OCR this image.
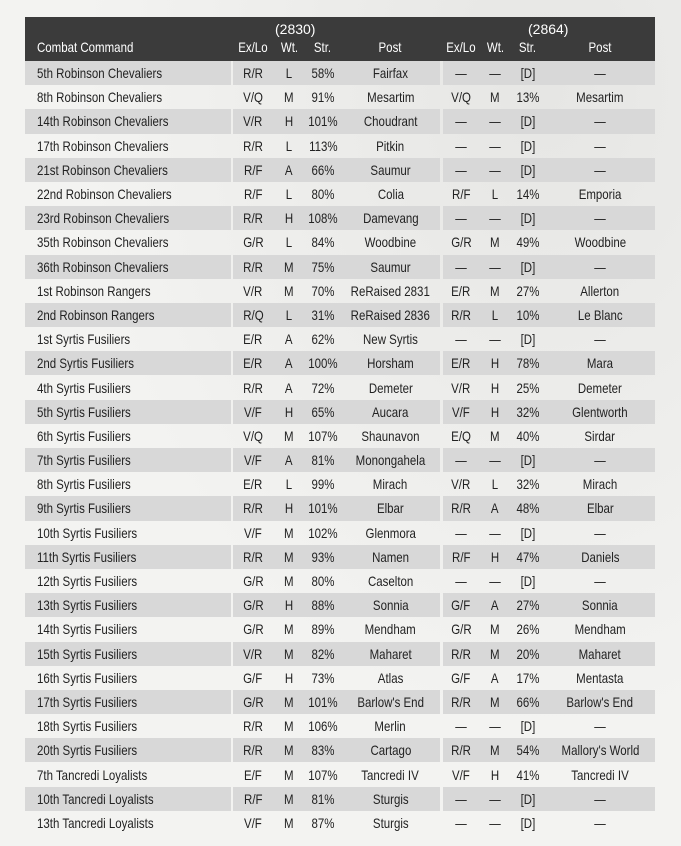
(2830)	(2864)
Combat Command	Ex/Lo Wt. Str.	Post	Ex/Lo Wt. Str.	Post
5th Robinson Chevaliers	R/R L 58%	Fairfax	— — [D]	—
8th Robinson Chevaliers	V/Q M 91% Mesartim	V/Q M 13%	Mesartim
14th Robinson Chevaliers	V/R H 101% Choudrant	— — [D]	—
17th Robinson Chevaliers	R/R L 113%	Pitkin	— — [D]	—
21st Robinson Chevaliers	R/F A 66%	Saumur	— — [D]	—
22nd Robinson Chevaliers	R/F L 80%	Colia	R/F L 14%	Emporia
23rd Robinson Chevaliers	R/R H 108% Damevang	— — [D]	—
35th Robinson Chevaliers	G/R L 84% Woodbine G/R M 49% Woodbine
36th Robinson Chevaliers	R/R M 75%	Saumur	— — [D]	—
1st Robinson Rangers	V/R M 70% ReRaised 2831 E/R M 27%	Allerton
2nd Robinson Rangers	R/Q L 31% ReRaised 2836 R/R L 10%	Le Blanc
1st Syrtis Fusiliers	E/R A 62% New Syrtis	— — [D]	—
2nd Syrtis Fusiliers	E/R A 100% Horsham	E/R H 78%	Mara
4th Syrtis Fusiliers	R/R A 72% Demeter	V/R H 25%	Demeter
5th Syrtis Fusiliers	V/F H 65%	Aucara	V/F H 32% Glentworth
6th Syrtis Fusiliers	V/Q M 107% Shaunavon E/Q M 40%	Sirdar
7th Syrtis Fusiliers	V/F A 81% Monongahela — — [D]	—
8th Syrtis Fusiliers	E/R L 99%	Mirach	V/R L 32%	Mirach
9th Syrtis Fusiliers	R/R H 101%	Elbar	R/R A 48%	Elbar
10th Syrtis Fusiliers	V/F M 102% Glenmora	— — [D]	—
11th Syrtis Fusiliers	R/R M 93%	Namen	R/F H 47%	Daniels
12th Syrtis Fusiliers	G/R M 80% Caselton	— — [D]	—
13th Syrtis Fusiliers	G/R H 88%	Sonnia	G/F A 27%	Sonnia
14th Syrtis Fusiliers	G/R M 89% Mendham G/R M 26% Mendham
15th Syrtis Fusiliers	V/R M 82% Maharet	R/R M 20%	Maharet
16th Syrtis Fusiliers	G/F H 73%	Atlas	G/F A 17%	Mentasta
17th Syrtis Fusiliers	G/R M 101% Barlow's End R/R M 66% Barlow's End
18th Syrtis Fusiliers	R/R M 106%	Merlin	— — [D]	—
20th Syrtis Fusiliers	R/R M 83%	Cartago	R/R M 54% Mallory's World
7th Tancredi Loyalists	E/F M 107% Tancredi IV V/F H 41% Tancredi IV
10th Tancredi Loyalists	R/F M 81%	Sturgis	— — [D]	—
13th Tancredi Loyalists	V/F M 87%	Sturgis	— — [D]	—
